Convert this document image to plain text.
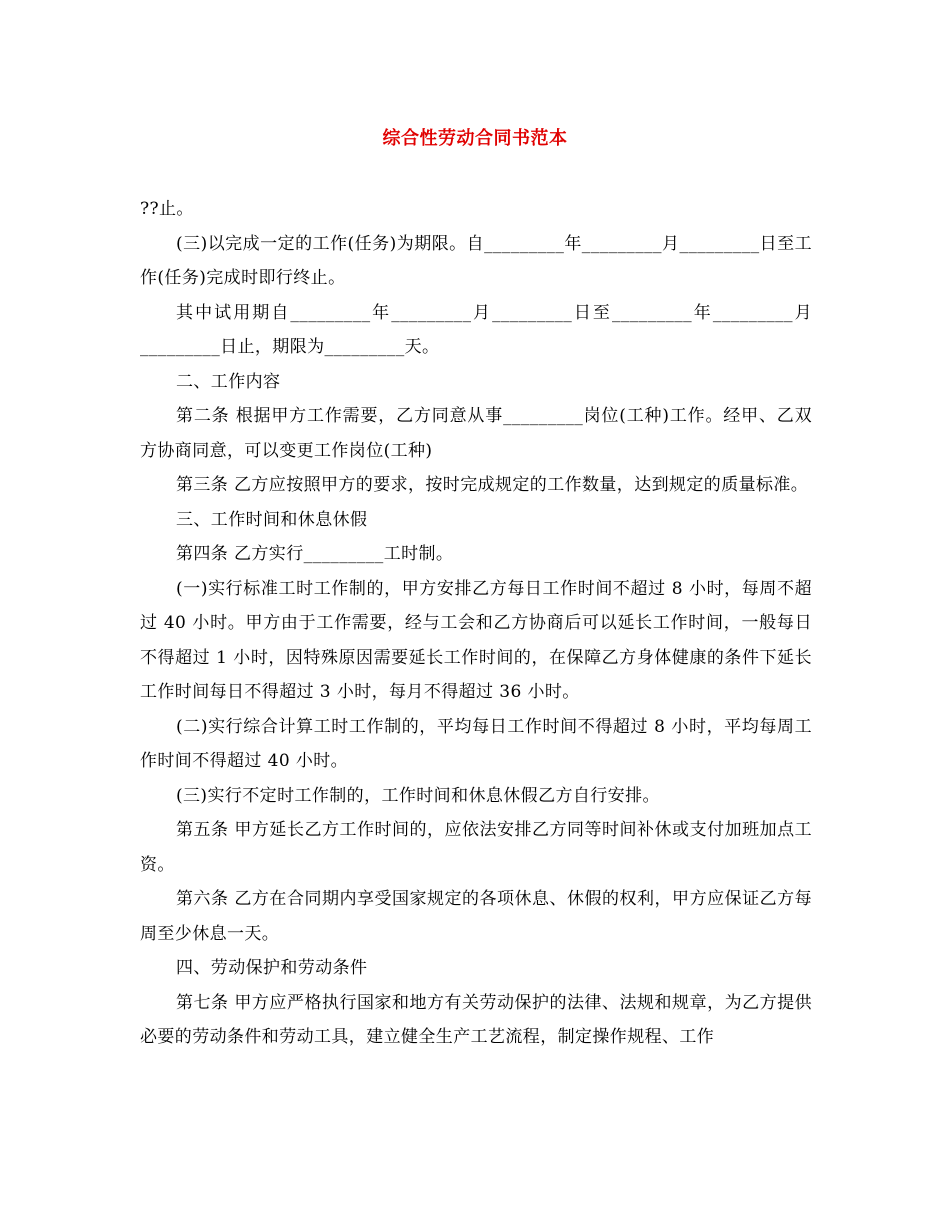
综合性劳动合同书范本

??止。

(三)以完成一定的工作(任务)为期限。自_________年_________月_________日至工作(任务)完成时即行终止。

其中试用期自_________年_________月_________日至_________年_________月_________日止，期限为_________天。

二、工作内容

第二条 根据甲方工作需要，乙方同意从事_________岗位(工种)工作。经甲、乙双方协商同意，可以变更工作岗位(工种)

第三条 乙方应按照甲方的要求，按时完成规定的工作数量，达到规定的质量标准。

三、工作时间和休息休假

第四条 乙方实行_________工时制。

(一)实行标准工时工作制的，甲方安排乙方每日工作时间不超过 8 小时，每周不超过 40 小时。甲方由于工作需要，经与工会和乙方协商后可以延长工作时间，一般每日不得超过 1 小时，因特殊原因需要延长工作时间的，在保障乙方身体健康的条件下延长工作时间每日不得超过 3 小时，每月不得超过 36 小时。

(二)实行综合计算工时工作制的，平均每日工作时间不得超过 8 小时，平均每周工作时间不得超过 40 小时。

(三)实行不定时工作制的，工作时间和休息休假乙方自行安排。

第五条 甲方延长乙方工作时间的，应依法安排乙方同等时间补休或支付加班加点工资。

第六条 乙方在合同期内享受国家规定的各项休息、休假的权利，甲方应保证乙方每周至少休息一天。

四、劳动保护和劳动条件

第七条 甲方应严格执行国家和地方有关劳动保护的法律、法规和规章，为乙方提供必要的劳动条件和劳动工具，建立健全生产工艺流程，制定操作规程、工作
